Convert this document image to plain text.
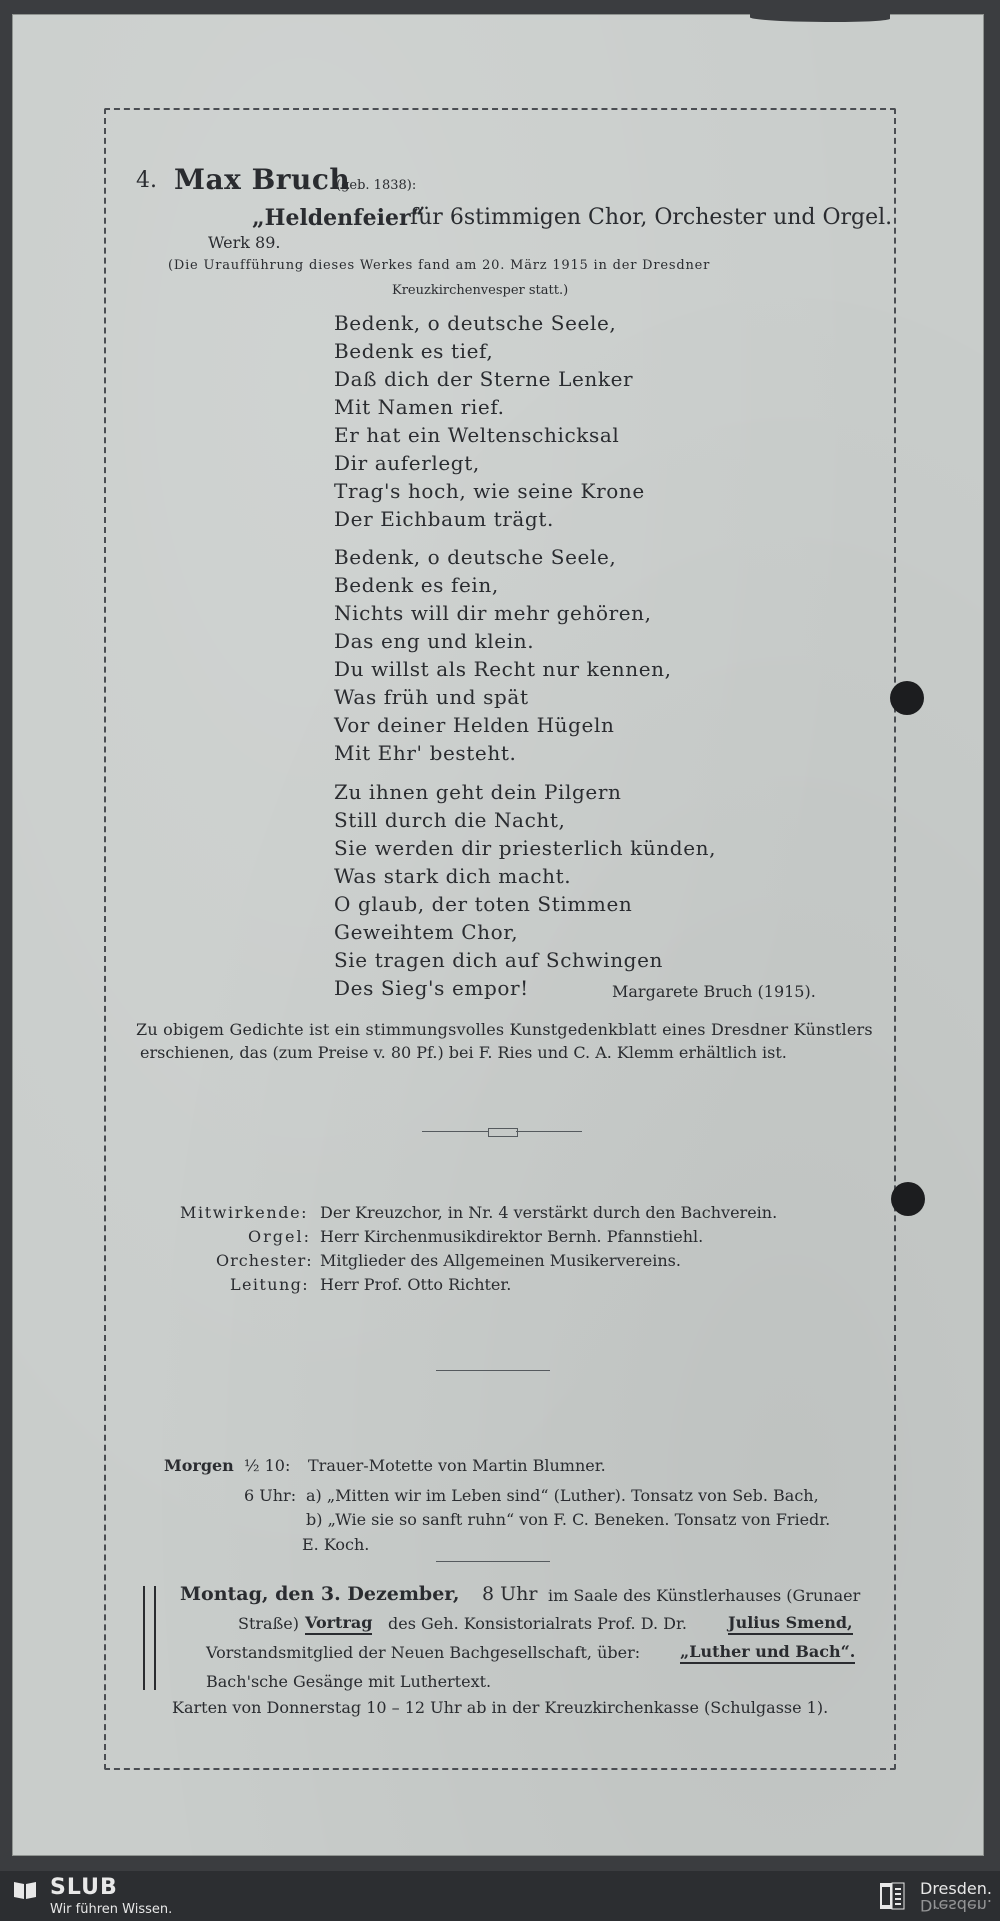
4. Max Bruch

(geb. 1838):

„Heldenfeier“

für 6stimmigen Chor, Orchester und Orgel.

Werk 89.

(Die Uraufführung dieses Werkes fand am 20. März 1915 in der Dresdner

Kreuzkirchenvesper statt.)

Bedenk, o deutsche Seele,

Bedenk es tief,

Daß dich der Sterne Lenker

Mit Namen rief.

Er hat ein Weltenschicksal

Dir auferlegt,

Trag's hoch, wie seine Krone

Der Eichbaum trägt.

Bedenk, o deutsche Seele,

Bedenk es fein,

Nichts will dir mehr gehören,

Das eng und klein.

Du willst als Recht nur kennen,

Was früh und spät

Vor deiner Helden Hügeln

Mit Ehr' besteht.

Zu ihnen geht dein Pilgern

Still durch die Nacht,

Sie werden dir priesterlich künden,

Was stark dich macht.

O glaub, der toten Stimmen

Geweihtem Chor,

Sie tragen dich auf Schwingen

Des Sieg's empor!	Margarete Bruch (1915).

Zu obigem Gedichte ist ein stimmungsvolles Kunstgedenkblatt eines Dresdner Künstlers

erschienen, das (zum Preise v. 80 Pf.) bei F. Ries und C. A. Klemm erhältlich ist.

Mitwirkende: Der Kreuzchor, in Nr. 4 verstärkt durch den Bachverein.

Orgel: Herr Kirchenmusikdirektor Bernh. Pfannstiehl.

Orchester: Mitglieder des Allgemeinen Musikervereins.

Leitung: Herr Prof. Otto Richter.

Morgen ½ 10: Trauer-Motette von Martin Blumner.

6 Uhr: a) „Mitten wir im Leben sind“ (Luther). Tonsatz von Seb. Bach,

b) „Wie sie so sanft ruhn“ von F. C. Beneken. Tonsatz von Friedr.

E. Koch.

Montag, den 3. Dezember, 8 Uhr im Saale des Künstlerhauses (Grunaer

Straße) Vortrag des Geh. Konsistorialrats Prof. D. Dr.	Julius Smend,

Vorstandsmitglied der Neuen Bachgesellschaft, über: „Luther und Bach“.

Bach'sche Gesänge mit Luthertext.

Karten von Donnerstag 10 – 12 Uhr ab in der Kreuzkirchenkasse (Schulgasse 1).

SLUB
Wir führen Wissen.
Dresden.
Dresden.
